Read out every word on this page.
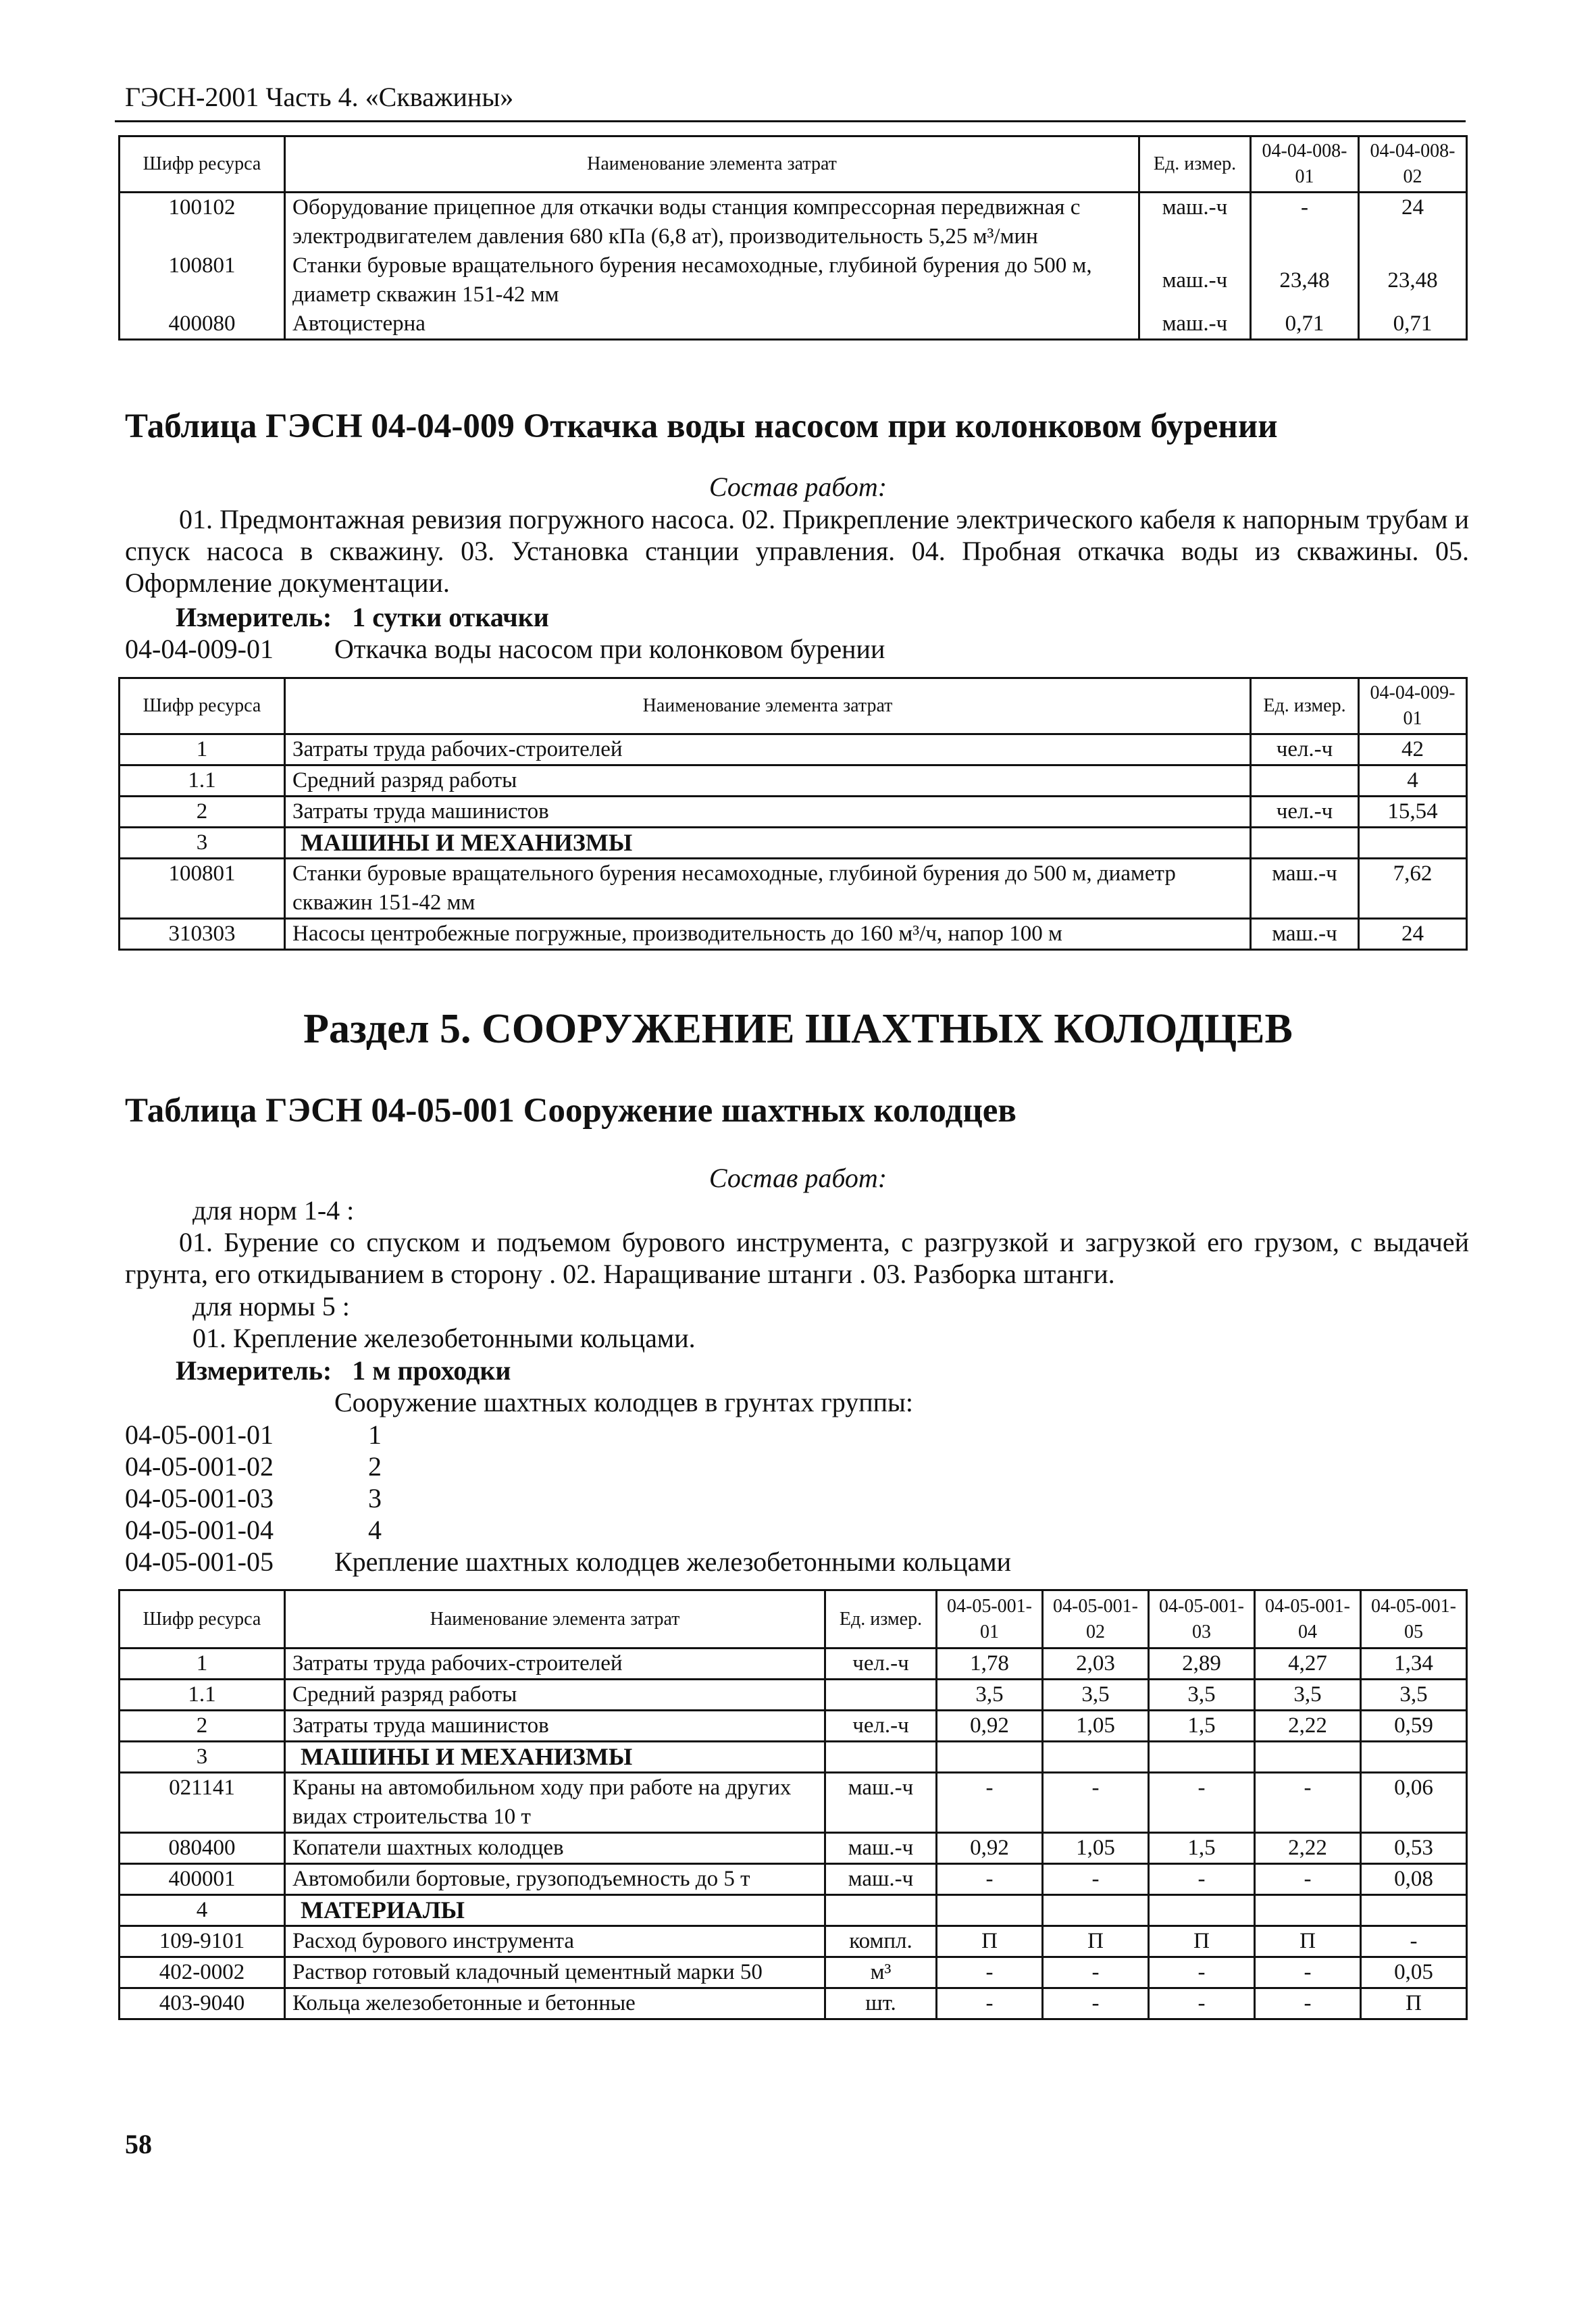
ГЭСН-2001 Часть 4. «Скважины»
Шифр ресурса	Наименование элемента затрат	Ед. измер.	04-04-008-01	04-04-008-02
100102	Оборудование прицепное для откачки воды станция компрессорная передвижная с электродвигателем давления 680 кПа (6,8 ат), производительность 5,25 м³/мин	маш.-ч	-	24
100801	Станки буровые вращательного бурения несамоходные, глубиной бурения до 500 м, диаметр скважин 151-42 мм	маш.-ч	23,48	23,48
400080	Автоцистерна	маш.-ч	0,71	0,71
Таблица ГЭСН 04-04-009 Откачка воды насосом при колонковом бурении
Состав работ:
01. Предмонтажная ревизия погружного насоса. 02. Прикрепление электрического кабеля к напорным трубам и спуск насоса в скважину. 03. Установка станции управления. 04. Пробная откачка воды из скважины. 05. Оформление документации.
Измеритель: 1 сутки откачки
04-04-009-01 Откачка воды насосом при колонковом бурении
Шифр ресурса	Наименование элемента затрат	Ед. измер.	04-04-009-01
1	Затраты труда рабочих-строителей	чел.-ч	42
1.1	Средний разряд работы		4
2	Затраты труда машинистов	чел.-ч	15,54
3	МАШИНЫ И МЕХАНИЗМЫ		
100801	Станки буровые вращательного бурения несамоходные, глубиной бурения до 500 м, диаметр скважин 151-42 мм	маш.-ч	7,62
310303	Насосы центробежные погружные, производительность до 160 м³/ч, напор 100 м	маш.-ч	24
Раздел 5. СООРУЖЕНИЕ ШАХТНЫХ КОЛОДЦЕВ
Таблица ГЭСН 04-05-001 Сооружение шахтных колодцев
Состав работ:
для норм 1-4 :
01. Бурение со спуском и подъемом бурового инструмента, с разгрузкой и загрузкой его грузом, с выдачей грунта, его откидыванием в сторону . 02. Наращивание штанги . 03. Разборка штанги.
для нормы 5 :
01. Крепление железобетонными кольцами.
Измеритель: 1 м проходки
Сооружение шахтных колодцев в грунтах группы:
04-05-001-01	1
04-05-001-02	2
04-05-001-03	3
04-05-001-04	4
04-05-001-05 Крепление шахтных колодцев железобетонными кольцами
Шифр ресурса	Наименование элемента затрат	Ед. измер.	04-05-001-01	04-05-001-02	04-05-001-03	04-05-001-04	04-05-001-05
1	Затраты труда рабочих-строителей	чел.-ч	1,78	2,03	2,89	4,27	1,34
1.1	Средний разряд работы		3,5	3,5	3,5	3,5	3,5
2	Затраты труда машинистов	чел.-ч	0,92	1,05	1,5	2,22	0,59
3	МАШИНЫ И МЕХАНИЗМЫ						
021141	Краны на автомобильном ходу при работе на других видах строительства 10 т	маш.-ч	-	-	-	-	0,06
080400	Копатели шахтных колодцев	маш.-ч	0,92	1,05	1,5	2,22	0,53
400001	Автомобили бортовые, грузоподъемность до 5 т	маш.-ч	-	-	-	-	0,08
4	МАТЕРИАЛЫ						
109-9101	Расход бурового инструмента	компл.	П	П	П	П	-
402-0002	Раствор готовый кладочный цементный марки 50	м³	-	-	-	-	0,05
403-9040	Кольца железобетонные и бетонные	шт.	-	-	-	-	П
58
